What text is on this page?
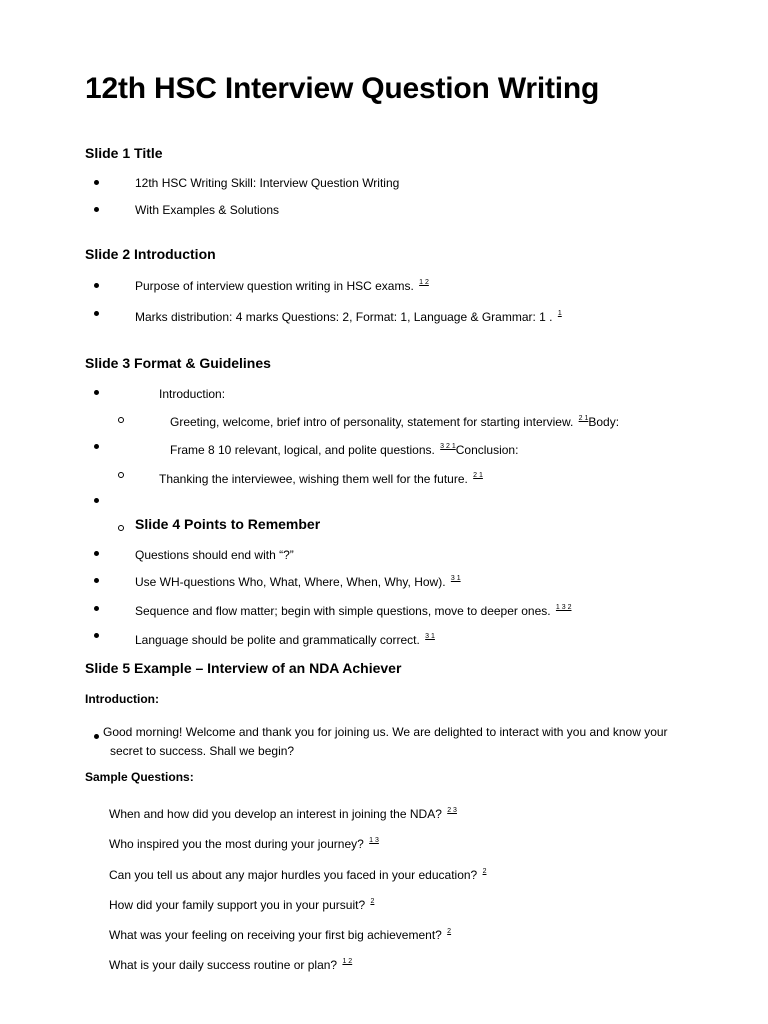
12th HSC Interview Question Writing
Slide 1 Title
12th HSC Writing Skill: Interview Question Writing
With Examples & Solutions
Slide 2 Introduction
Purpose of interview question writing in HSC exams. $^{1 2}$
Marks distribution: 4 marks Questions: 2, Format: 1, Language & Grammar: 1 . $^1$
Slide 3 Format & Guidelines
Introduction:
Greeting, welcome, brief intro of personality, statement for starting interview. $^{2 1}$Body:
Frame 8 10 relevant, logical, and polite questions. $^{3 2 1}$Conclusion:
Thanking the interviewee, wishing them well for the future. $^{2 1}$
Slide 4 Points to Remember
Questions should end with “?”
Use WH-questions Who, What, Where, When, Why, How). $^{3 1}$
Sequence and flow matter; begin with simple questions, move to deeper ones. $^{1 3 2}$
Language should be polite and grammatically correct. $^{3 1}$
Slide 5 Example – Interview of an NDA Achiever
Introduction:
Good morning! Welcome and thank you for joining us. We are delighted to interact with you and know your
secret to success. Shall we begin?
Sample Questions:
When and how did you develop an interest in joining the NDA? $^{2 3}$
Who inspired you the most during your journey? $^{1 3}$
Can you tell us about any major hurdles you faced in your education? $^2$
How did your family support you in your pursuit? $^2$
What was your feeling on receiving your first big achievement? $^2$
What is your daily success routine or plan? $^{1 2}$
